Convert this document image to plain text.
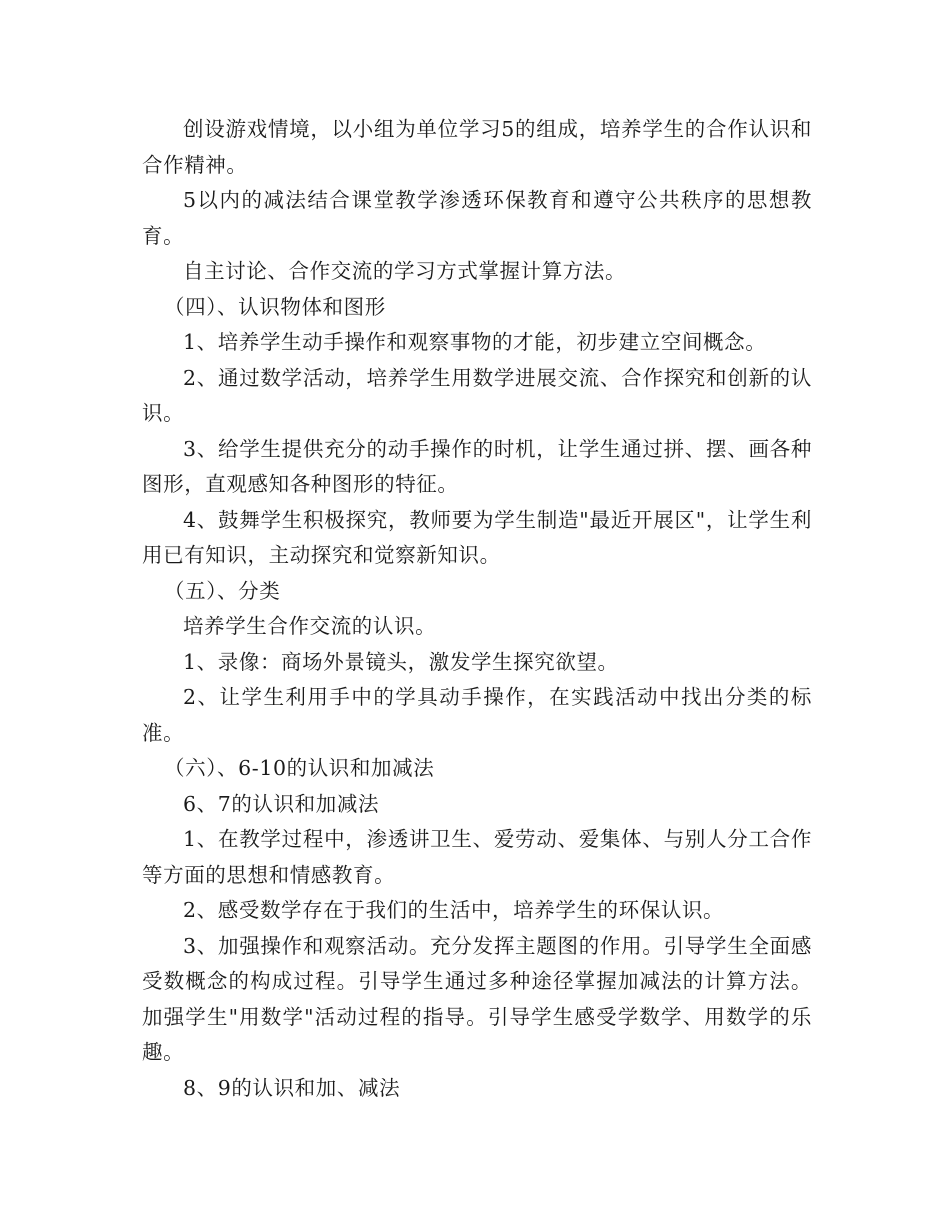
创设游戏情境，以小组为单位学习5的组成，培养学生的合作认识和合作精神。

5以内的减法结合课堂教学渗透环保教育和遵守公共秩序的思想教育。

自主讨论、合作交流的学习方式掌握计算方法。

（四）、认识物体和图形

1、培养学生动手操作和观察事物的才能，初步建立空间概念。

2、通过数学活动，培养学生用数学进展交流、合作探究和创新的认识。

3、给学生提供充分的动手操作的时机，让学生通过拼、摆、画各种图形，直观感知各种图形的特征。

4、鼓舞学生积极探究，教师要为学生制造"最近开展区"，让学生利用已有知识，主动探究和觉察新知识。

（五）、分类

培养学生合作交流的认识。

1、录像：商场外景镜头，激发学生探究欲望。

2、让学生利用手中的学具动手操作，在实践活动中找出分类的标准。

（六）、6-10的认识和加减法

6、7的认识和加减法

1、在教学过程中，渗透讲卫生、爱劳动、爱集体、与别人分工合作等方面的思想和情感教育。

2、感受数学存在于我们的生活中，培养学生的环保认识。

3、加强操作和观察活动。充分发挥主题图的作用。引导学生全面感受数概念的构成过程。引导学生通过多种途径掌握加减法的计算方法。加强学生"用数学"活动过程的指导。引导学生感受学数学、用数学的乐趣。

8、9的认识和加、减法
